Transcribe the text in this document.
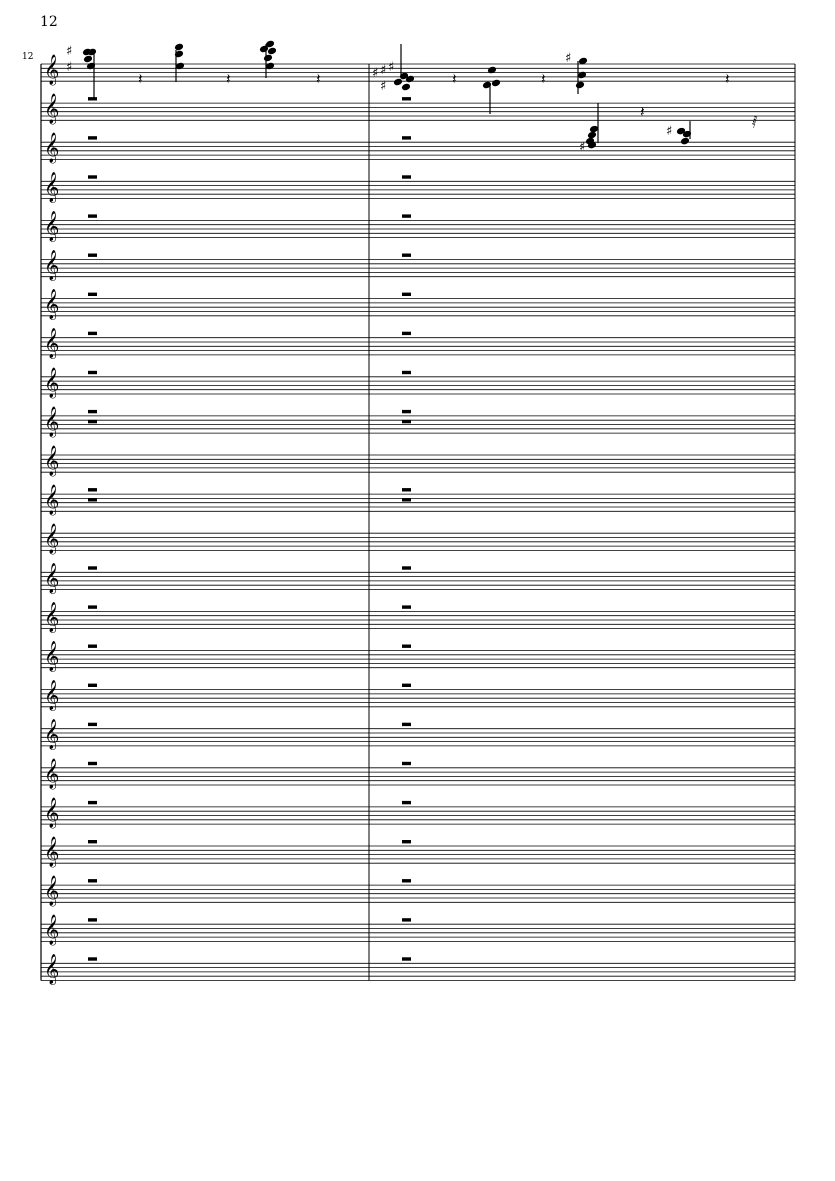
12
12 𝄞
𝄞
𝄞
𝄞
𝄞
𝄞
𝄞
𝄞
𝄞
𝄞
𝄞
𝄞
𝄞
𝄞
𝄞
𝄞
𝄞
𝄞
𝄞
𝄞
𝄞
𝄞
𝄞
𝄞
♯
♯
𝄽	𝄽	𝄽	♯ ♯ ♯
♯	𝄽	𝄽
♯
𝄽
♯
𝄽
♯
𝅁
